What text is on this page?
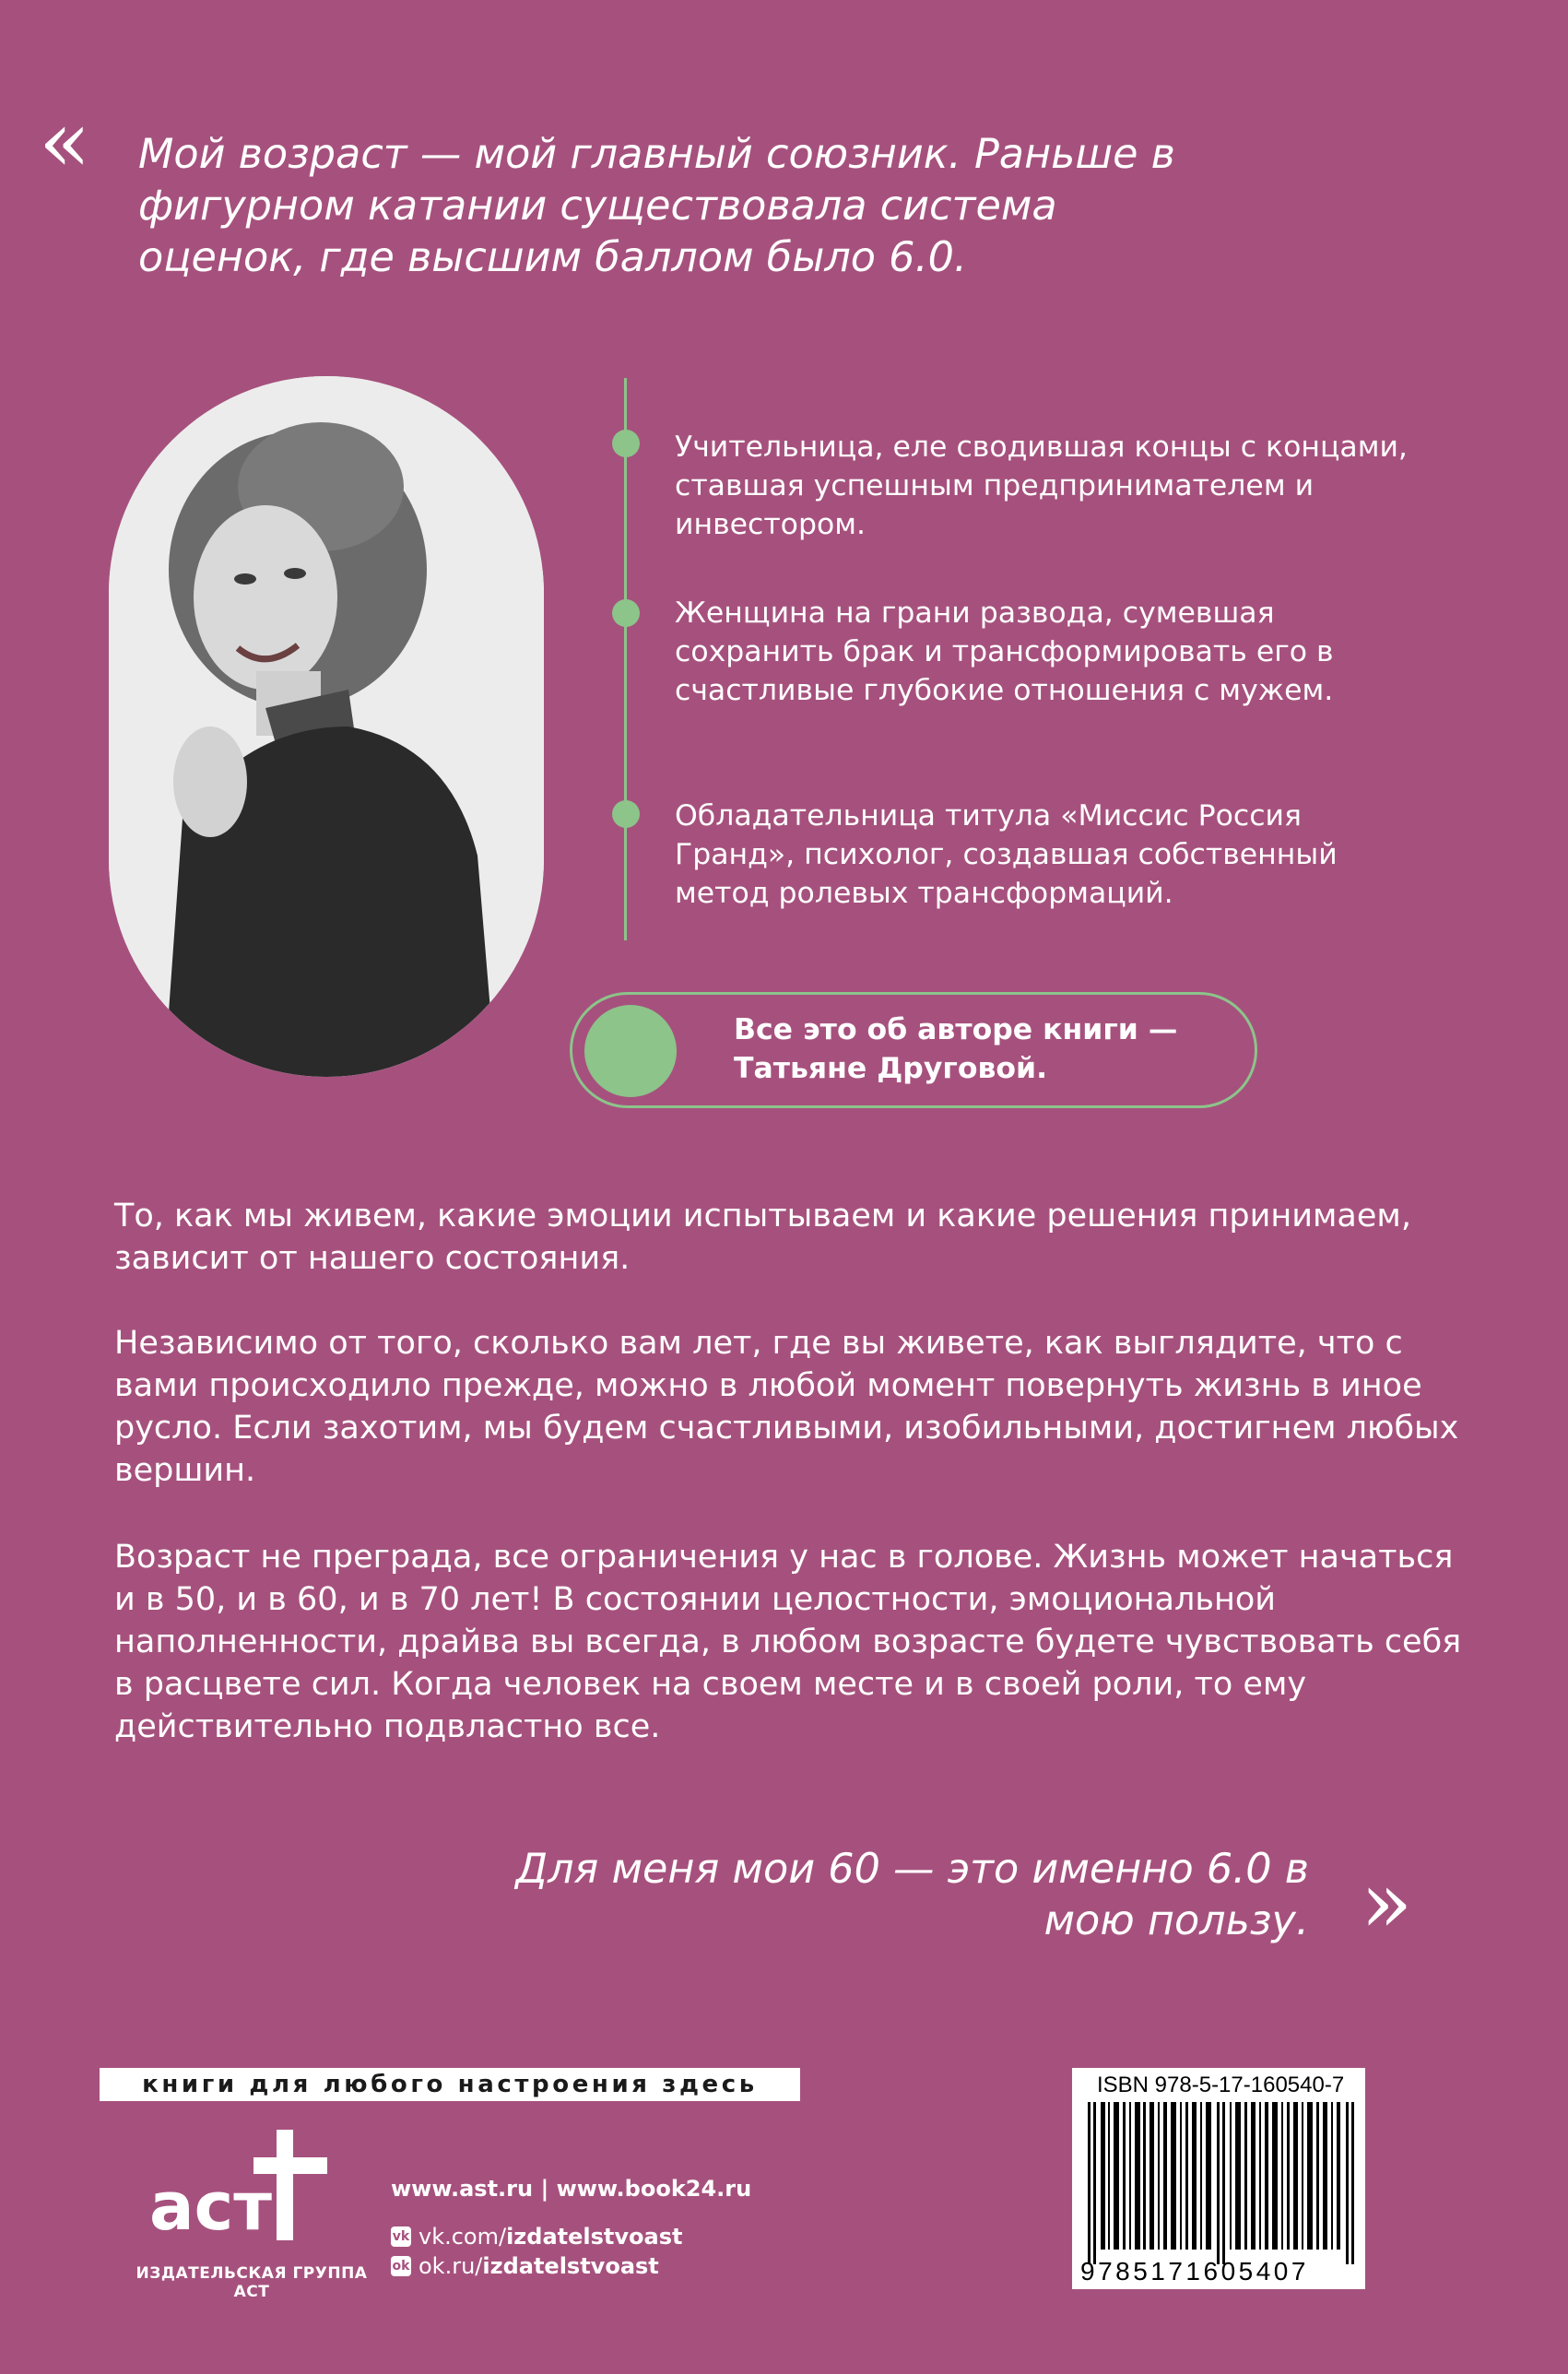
« Мой возраст — мой главный союзник. Раньше в фигурном катании существовала система оценок, где высшим баллом было 6.0.

Учительница, еле сводившая концы с концами, ставшая успешным предпринимателем и инвестором.

Женщина на грани развода, сумевшая сохранить брак и трансформировать его в счастливые глубокие отношения с мужем.

Обладательница титула «Миссис Россия Гранд», психолог, создавшая собственный метод ролевых трансформаций.

Все это об авторе книги — Татьяне Друговой.

То, как мы живем, какие эмоции испытываем и какие решения принимаем, зависит от нашего состояния.

Независимо от того, сколько вам лет, где вы живете, как выглядите, что с вами происходило прежде, можно в любой момент повернуть жизнь в иное русло. Если захотим, мы будем счастливыми, изобильными, достигнем любых вершин.

Возраст не преграда, все ограничения у нас в голове. Жизнь может начаться и в 50, и в 60, и в 70 лет! В состоянии целостности, эмоциональной наполненности, драйва вы всегда, в любом возрасте будете чувствовать себя в расцвете сил. Когда человек на своем месте и в своей роли, то ему действительно подвластно все.

Для меня мои 60 — это именно 6.0 в мою пользу. »
книги для любого настроения здесь
аст
ИЗДАТЕЛЬСКАЯ ГРУППА АСТ
www.ast.ru | www.book24.ru
vk vk.com/ izdatelstvoast
ok ok.ru/ izdatelstvoast
ISBN 978-5-17-160540-7
9785171605407
